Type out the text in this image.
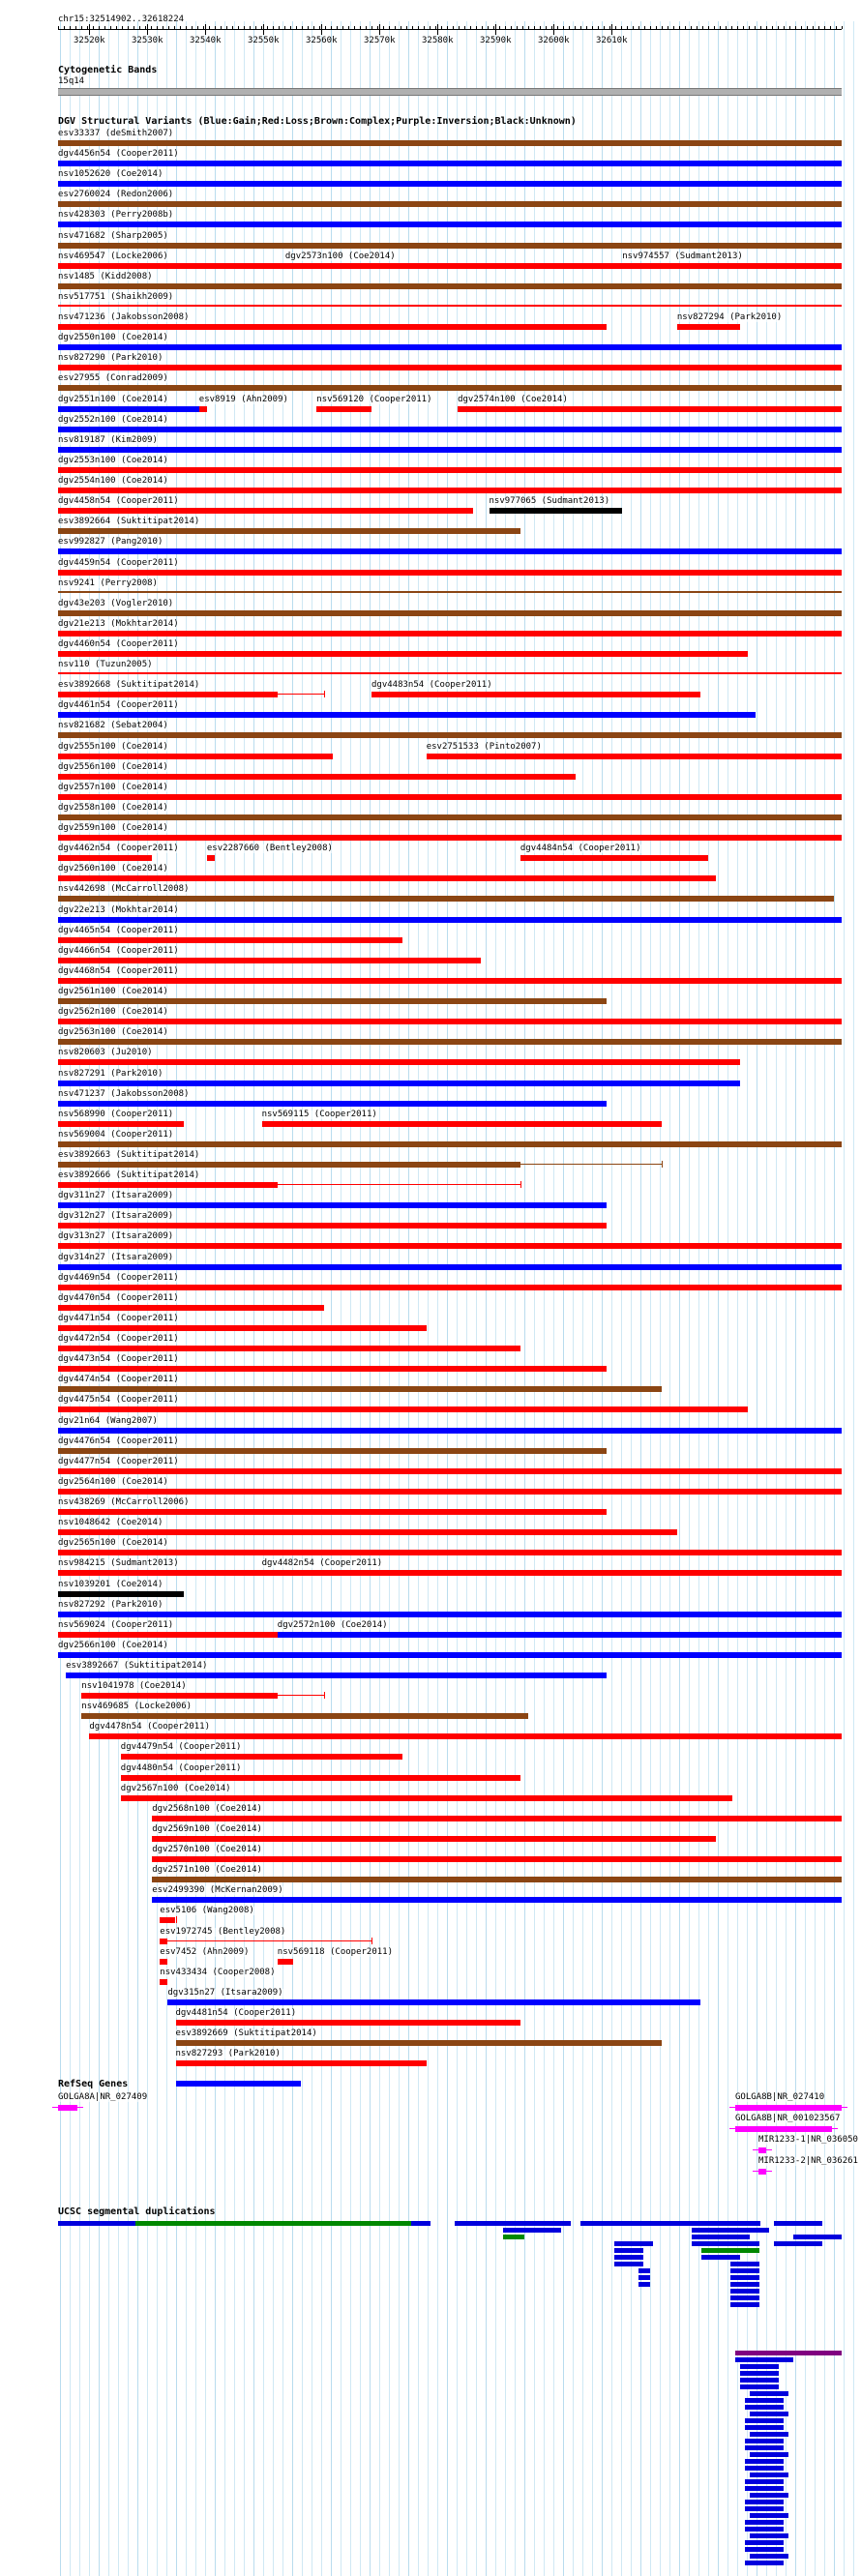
chr15:32514902..32618224
32520k	32530k	32540k	32550k	32560k	32570k	32580k	32590k	32600k	32610k
Cytogenetic Bands
15q14
DGV Structural Variants (Blue:Gain;Red:Loss;Brown:Complex;Purple:Inversion;Black:Unknown)
esv33337 (deSmith2007)
dgv4456n54 (Cooper2011)
nsv1052620 (Coe2014)
esv2760024 (Redon2006)
nsv428303 (Perry2008b)
nsv471682 (Sharp2005)
nsv469547 (Locke2006)	dgv2573n100 (Coe2014)	nsv974557 (Sudmant2013)
nsv1485 (Kidd2008)
nsv517751 (Shaikh2009)
nsv471236 (Jakobsson2008)	nsv827294 (Park2010)
dgv2550n100 (Coe2014)
nsv827290 (Park2010)
esv27955 (Conrad2009)
dgv2551n100 (Coe2014)	esv8919 (Ahn2009)	nsv569120 (Cooper2011)	dgv2574n100 (Coe2014)
dgv2552n100 (Coe2014)
nsv819187 (Kim2009)
dgv2553n100 (Coe2014)
dgv2554n100 (Coe2014)
dgv4458n54 (Cooper2011)	nsv977065 (Sudmant2013)
esv3892664 (Suktitipat2014)
esv992827 (Pang2010)
dgv4459n54 (Cooper2011)
nsv9241 (Perry2008)
dgv43e203 (Vogler2010)
dgv21e213 (Mokhtar2014)
dgv4460n54 (Cooper2011)
nsv110 (Tuzun2005)
esv3892668 (Suktitipat2014)	dgv4483n54 (Cooper2011)
dgv4461n54 (Cooper2011)
nsv821682 (Sebat2004)
dgv2555n100 (Coe2014)	esv2751533 (Pinto2007)
dgv2556n100 (Coe2014)
dgv2557n100 (Coe2014)
dgv2558n100 (Coe2014)
dgv2559n100 (Coe2014)
dgv4462n54 (Cooper2011)	esv2287660 (Bentley2008)	dgv4484n54 (Cooper2011)
dgv2560n100 (Coe2014)
nsv442698 (McCarroll2008)
dgv22e213 (Mokhtar2014)
dgv4465n54 (Cooper2011)
dgv4466n54 (Cooper2011)
dgv4468n54 (Cooper2011)
dgv2561n100 (Coe2014)
dgv2562n100 (Coe2014)
dgv2563n100 (Coe2014)
nsv820603 (Ju2010)
nsv827291 (Park2010)
nsv471237 (Jakobsson2008)
nsv568990 (Cooper2011)	nsv569115 (Cooper2011)
nsv569004 (Cooper2011)
esv3892663 (Suktitipat2014)
esv3892666 (Suktitipat2014)
dgv311n27 (Itsara2009)
dgv312n27 (Itsara2009)
dgv313n27 (Itsara2009)
dgv314n27 (Itsara2009)
dgv4469n54 (Cooper2011)
dgv4470n54 (Cooper2011)
dgv4471n54 (Cooper2011)
dgv4472n54 (Cooper2011)
dgv4473n54 (Cooper2011)
dgv4474n54 (Cooper2011)
dgv4475n54 (Cooper2011)
dgv21n64 (Wang2007)
dgv4476n54 (Cooper2011)
dgv4477n54 (Cooper2011)
dgv2564n100 (Coe2014)
nsv438269 (McCarroll2006)
nsv1048642 (Coe2014)
dgv2565n100 (Coe2014)
nsv984215 (Sudmant2013)	dgv4482n54 (Cooper2011)
nsv1039201 (Coe2014)
nsv827292 (Park2010)
nsv569024 (Cooper2011)	dgv2572n100 (Coe2014)
dgv2566n100 (Coe2014)
esv3892667 (Suktitipat2014)
nsv1041978 (Coe2014)
nsv469685 (Locke2006)
dgv4478n54 (Cooper2011)
dgv4479n54 (Cooper2011)
dgv4480n54 (Cooper2011)
dgv2567n100 (Coe2014)
dgv2568n100 (Coe2014)
dgv2569n100 (Coe2014)
dgv2570n100 (Coe2014)
dgv2571n100 (Coe2014)
esv2499390 (McKernan2009)
esv5106 (Wang2008)
esv1972745 (Bentley2008)
esv7452 (Ahn2009)	nsv569118 (Cooper2011)
nsv433434 (Cooper2008)
dgv315n27 (Itsara2009)
dgv4481n54 (Cooper2011)
esv3892669 (Suktitipat2014)
nsv827293 (Park2010)
RefSeq Genes
GOLGA8A|NR_027409	GOLGA8B|NR_027410
GOLGA8B|NR_001023567
MIR1233-1|NR_036050
MIR1233-2|NR_036261
UCSC segmental duplications
